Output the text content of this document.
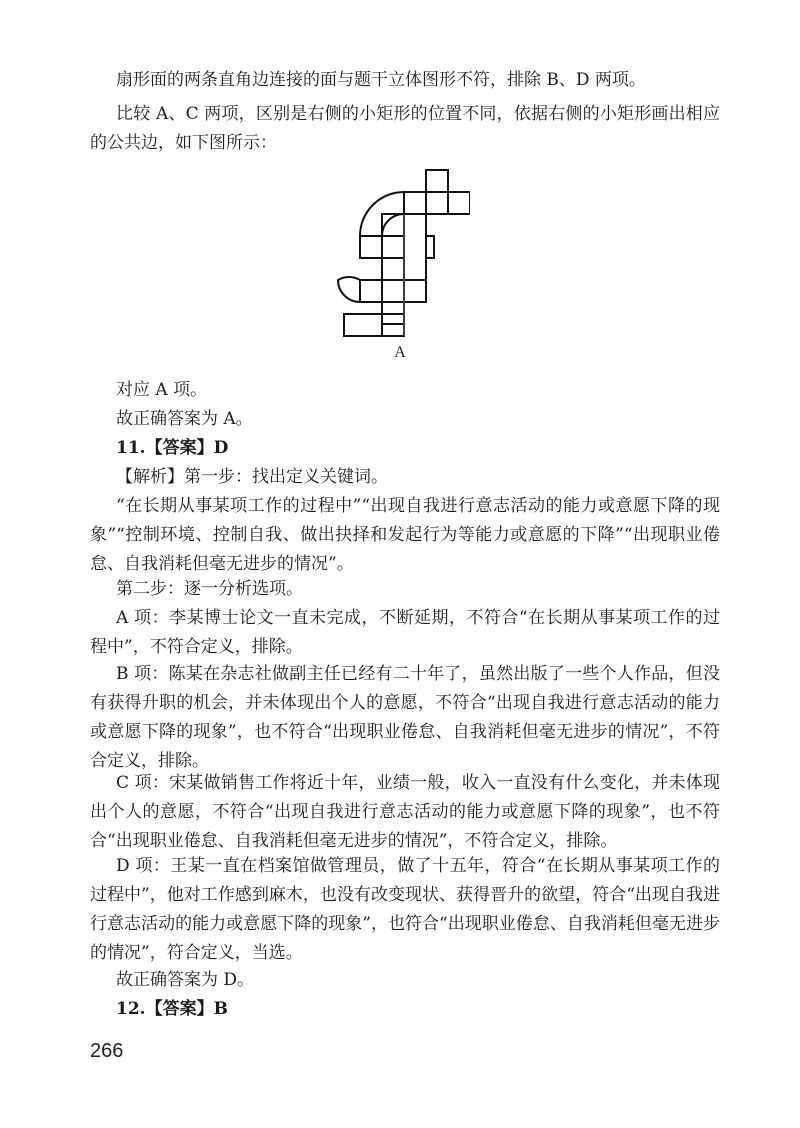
扇形面的两条直角边连接的面与题干立体图形不符，排除 B、D 两项。

比较 A、C 两项，区别是右侧的小矩形的位置不同，依据右侧的小矩形画出相应的公共边，如下图所示：

A

对应 A 项。

故正确答案为 A。

11.【答案】D

【解析】第一步：找出定义关键词。

“在长期从事某项工作的过程中”“出现自我进行意志活动的能力或意愿下降的现象”“控制环境、控制自我、做出抉择和发起行为等能力或意愿的下降”“出现职业倦怠、自我消耗但毫无进步的情况”。

第二步：逐一分析选项。

A 项：李某博士论文一直未完成，不断延期，不符合“在长期从事某项工作的过程中”，不符合定义，排除。

B 项：陈某在杂志社做副主任已经有二十年了，虽然出版了一些个人作品，但没有获得升职的机会，并未体现出个人的意愿，不符合“出现自我进行意志活动的能力或意愿下降的现象”，也不符合“出现职业倦怠、自我消耗但毫无进步的情况”，不符合定义，排除。

C 项：宋某做销售工作将近十年，业绩一般，收入一直没有什么变化，并未体现出个人的意愿，不符合“出现自我进行意志活动的能力或意愿下降的现象”，也不符合“出现职业倦怠、自我消耗但毫无进步的情况”，不符合定义，排除。

D 项：王某一直在档案馆做管理员，做了十五年，符合“在长期从事某项工作的过程中”，他对工作感到麻木，也没有改变现状、获得晋升的欲望，符合“出现自我进行意志活动的能力或意愿下降的现象”，也符合“出现职业倦怠、自我消耗但毫无进步的情况”，符合定义，当选。

故正确答案为 D。

12.【答案】B

266
